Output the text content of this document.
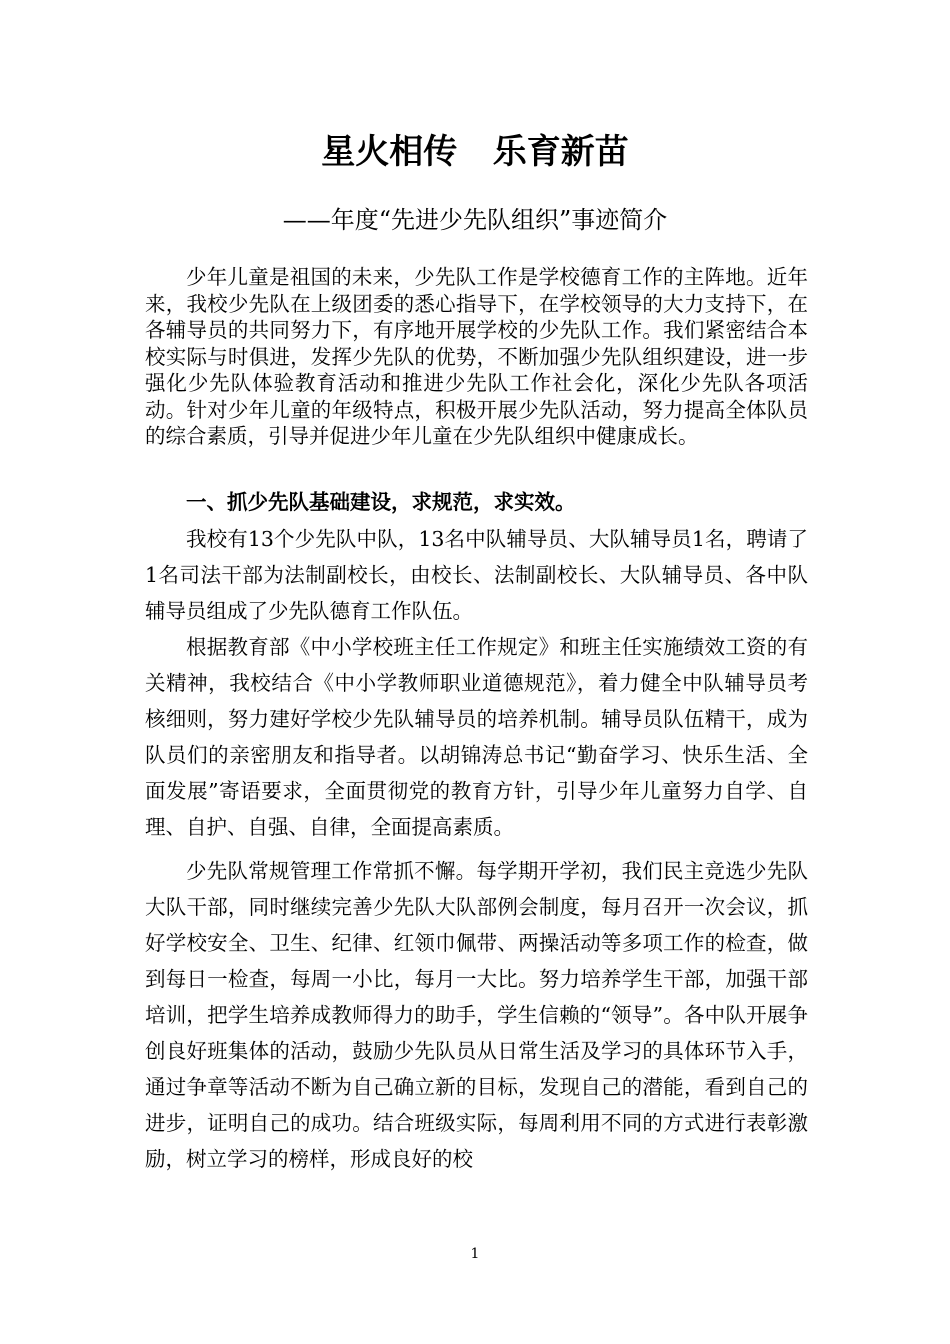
星火相传   乐育新苗
——年度“先进少先队组织”事迹简介

少年儿童是祖国的未来，少先队工作是学校德育工作的主阵地。近年来，我校少先队在上级团委的悉心指导下，在学校领导的大力支持下，在各辅导员的共同努力下，有序地开展学校的少先队工作。我们紧密结合本校实际与时俱进，发挥少先队的优势，不断加强少先队组织建设，进一步强化少先队体验教育活动和推进少先队工作社会化，深化少先队各项活动。针对少年儿童的年级特点，积极开展少先队活动，努力提高全体队员的综合素质，引导并促进少年儿童在少先队组织中健康成长。

一、抓少先队基础建设，求规范，求实效。

我校有13个少先队中队，13名中队辅导员、大队辅导员1名，聘请了1名司法干部为法制副校长，由校长、法制副校长、大队辅导员、各中队辅导员组成了少先队德育工作队伍。

根据教育部《中小学校班主任工作规定》和班主任实施绩效工资的有关精神，我校结合《中小学教师职业道德规范》，着力健全中队辅导员考核细则，努力建好学校少先队辅导员的培养机制。辅导员队伍精干，成为队员们的亲密朋友和指导者。以胡锦涛总书记“勤奋学习、快乐生活、全面发展”寄语要求，全面贯彻党的教育方针，引导少年儿童努力自学、自理、自护、自强、自律，全面提高素质。

少先队常规管理工作常抓不懈。每学期开学初，我们民主竞选少先队大队干部，同时继续完善少先队大队部例会制度，每月召开一次会议，抓好学校安全、卫生、纪律、红领巾佩带、两操活动等多项工作的检查，做到每日一检查，每周一小比，每月一大比。努力培养学生干部，加强干部培训，把学生培养成教师得力的助手，学生信赖的“领导”。各中队开展争创良好班集体的活动，鼓励少先队员从日常生活及学习的具体环节入手，通过争章等活动不断为自己确立新的目标，发现自己的潜能，看到自己的进步，证明自己的成功。结合班级实际，每周利用不同的方式进行表彰激励，树立学习的榜样，形成良好的校

1
